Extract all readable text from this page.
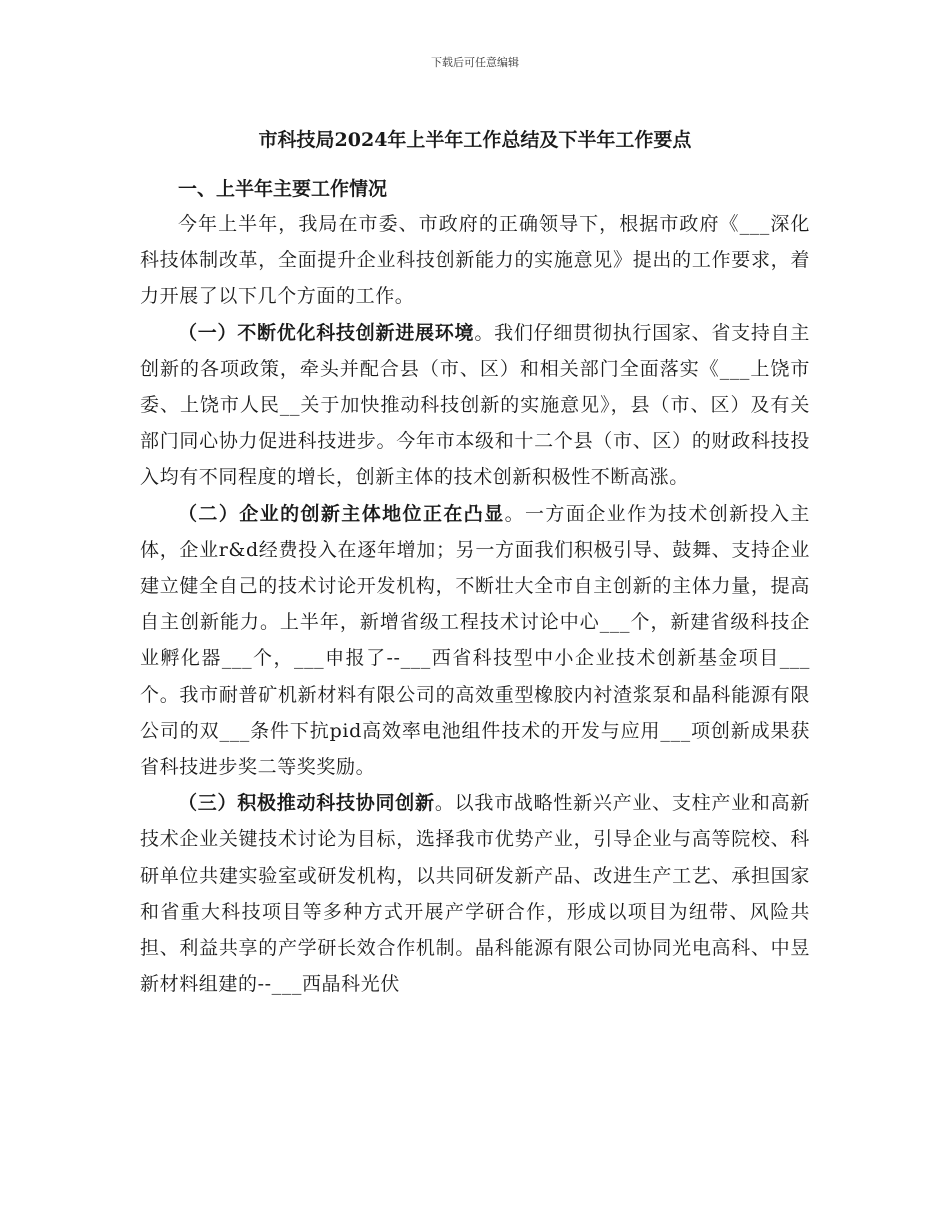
下载后可任意编辑
市科技局2024年上半年工作总结及下半年工作要点
一、上半年主要工作情况

今年上半年，我局在市委、市政府的正确领导下，根据市政府《___深化科技体制改革，全面提升企业科技创新能力的实施意见》提出的工作要求，着力开展了以下几个方面的工作。

（一）不断优化科技创新进展环境。我们仔细贯彻执行国家、省支持自主创新的各项政策，牵头并配合县（市、区）和相关部门全面落实《___上饶市委、上饶市人民__关于加快推动科技创新的实施意见》，县（市、区）及有关部门同心协力促进科技进步。今年市本级和十二个县（市、区）的财政科技投入均有不同程度的增长，创新主体的技术创新积极性不断高涨。

（二）企业的创新主体地位正在凸显。一方面企业作为技术创新投入主体，企业r&d经费投入在逐年增加；另一方面我们积极引导、鼓舞、支持企业建立健全自己的技术讨论开发机构，不断壮大全市自主创新的主体力量，提高自主创新能力。上半年，新增省级工程技术讨论中心___个，新建省级科技企业孵化器___个，___申报了--___西省科技型中小企业技术创新基金项目___个。我市耐普矿机新材料有限公司的高效重型橡胶内衬渣浆泵和晶科能源有限公司的双___条件下抗pid高效率电池组件技术的开发与应用___项创新成果获省科技进步奖二等奖奖励。

（三）积极推动科技协同创新。以我市战略性新兴产业、支柱产业和高新技术企业关键技术讨论为目标，选择我市优势产业，引导企业与高等院校、科研单位共建实验室或研发机构，以共同研发新产品、改进生产工艺、承担国家和省重大科技项目等多种方式开展产学研合作，形成以项目为纽带、风险共担、利益共享的产学研长效合作机制。晶科能源有限公司协同光电高科、中昱新材料组建的--___西晶科光伏
